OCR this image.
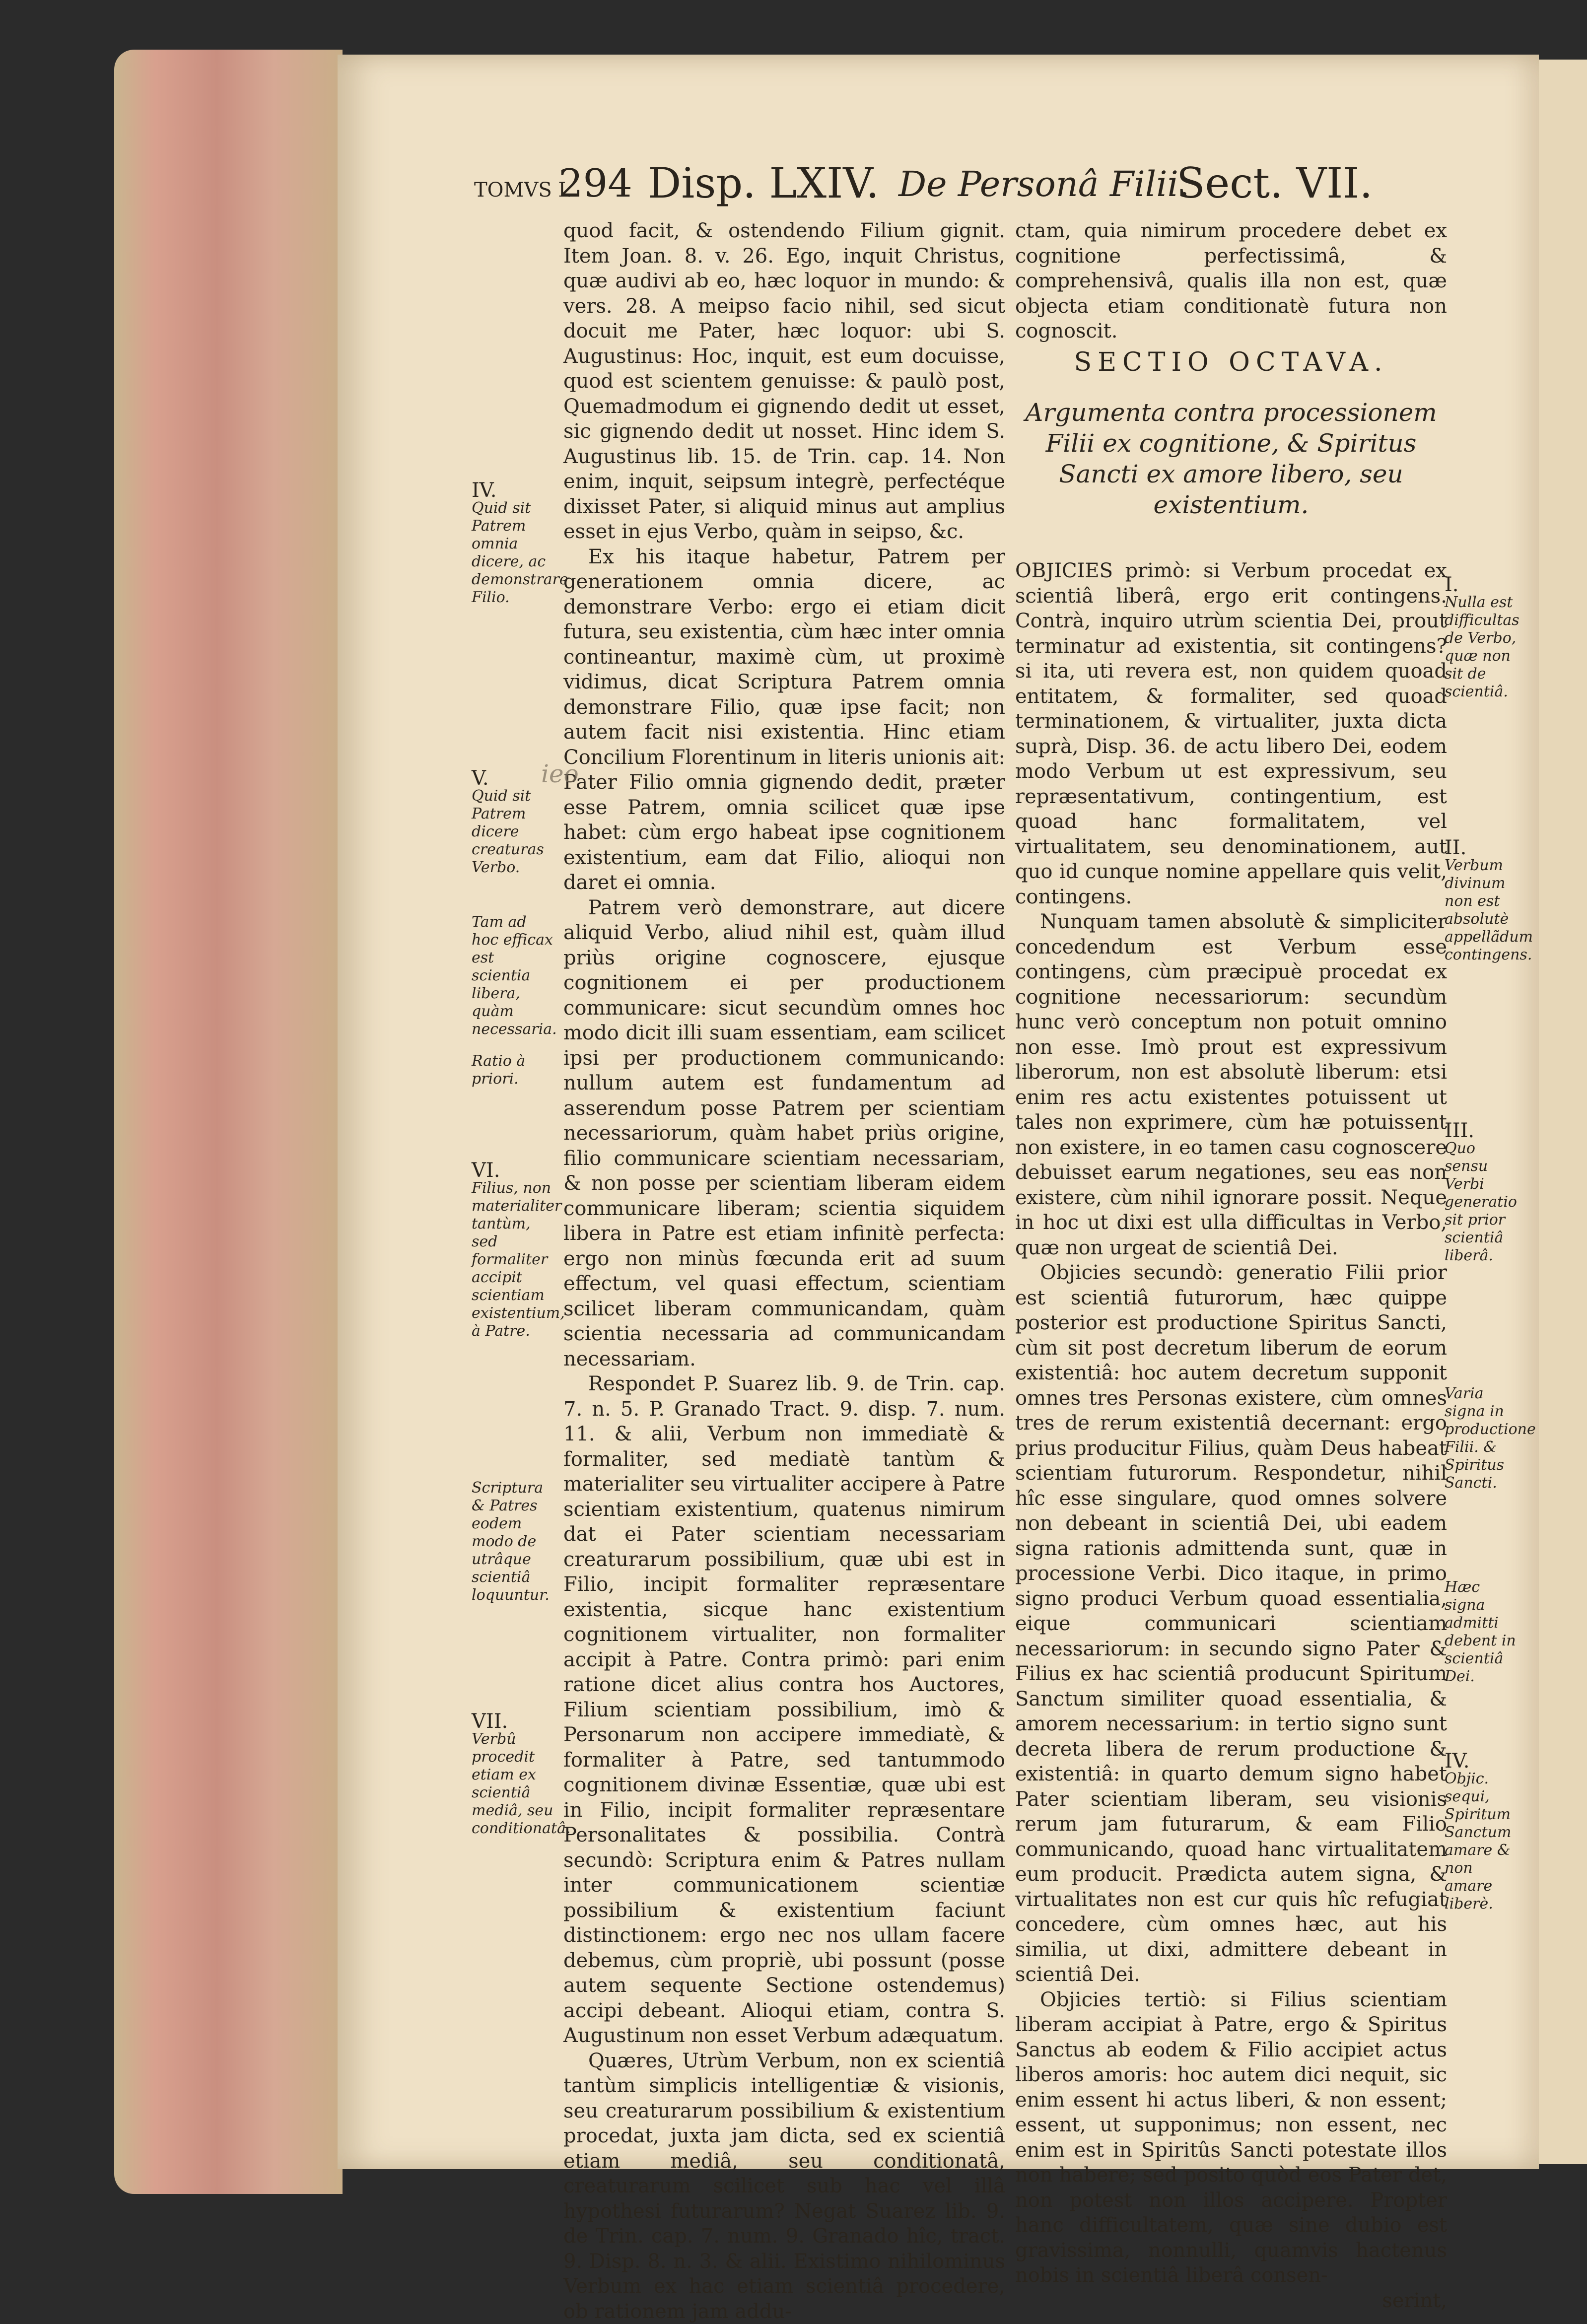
TOMVS I.
294 Disp. LXIV. De Personâ Filii.
Sect. VII.
IV.
Quid sit Patrem omnia dicere, ac demonstrare Filio.
V.
Quid sit Patrem dicere creaturas Verbo.
Tam ad hoc efficax est scientia libera, quàm necessaria.
Ratio à priori.
VI.
Filius, non materialiter tantùm, sed formaliter accipit scientiam existentium, à Patre.
Scriptura & Patres eodem modo de utrâque scientiâ loquuntur.
VII.
Verbû procedit etiam ex scientiâ mediâ, seu conditionatâ.

quod facit, & ostendendo Filium gignit. Item Joan. 8. v. 26. Ego, inquit Christus, quæ audivi ab eo, hæc loquor in mundo: & vers. 28. A meipso facio nihil, sed sicut docuit me Pater, hæc loquor: ubi S. Augustinus: Hoc, inquit, est eum docuisse, quod est scientem genuisse: & paulò post, Quemadmodum ei gignendo dedit ut esset, sic gignendo dedit ut nosset. Hinc idem S. Augustinus lib. 15. de Trin. cap. 14. Non enim, inquit, seipsum integrè, perfectéque dixisset Pater, si aliquid minus aut amplius esset in ejus Verbo, quàm in seipso, &c.

Ex his itaque habetur, Patrem per generationem omnia dicere, ac demonstrare Verbo: ergo ei etiam dicit futura, seu existentia, cùm hæc inter omnia contineantur, maximè cùm, ut proximè vidimus, dicat Scriptura Patrem omnia demonstrare Filio, quæ ipse facit; non autem facit nisi existentia. Hinc etiam Concilium Florentinum in literis unionis ait: Pater Filio omnia gignendo dedit, præter esse Patrem, omnia scilicet quæ ipse habet: cùm ergo habeat ipse cognitionem existentium, eam dat Filio, alioqui non daret ei omnia.

Patrem verò demonstrare, aut dicere aliquid Verbo, aliud nihil est, quàm illud priùs origine cognoscere, ejusque cognitionem ei per productionem communicare: sicut secundùm omnes hoc modo dicit illi suam essentiam, eam scilicet ipsi per productionem communicando: nullum autem est fundamentum ad asserendum posse Patrem per scientiam necessariorum, quàm habet priùs origine, filio communicare scientiam necessariam, & non posse per scientiam liberam eidem communicare liberam; scientia siquidem libera in Patre est etiam infinitè perfecta: ergo non minùs fœcunda erit ad suum effectum, vel quasi effectum, scientiam scilicet liberam communicandam, quàm scientia necessaria ad communicandam necessariam.

Respondet P. Suarez lib. 9. de Trin. cap. 7. n. 5. P. Granado Tract. 9. disp. 7. num. 11. & alii, Verbum non immediatè & formaliter, sed mediatè tantùm & materialiter seu virtualiter accipere à Patre scientiam existentium, quatenus nimirum dat ei Pater scientiam necessariam creaturarum possibilium, quæ ubi est in Filio, incipit formaliter repræsentare existentia, sicque hanc existentium cognitionem virtualiter, non formaliter accipit à Patre. Contra primò: pari enim ratione dicet alius contra hos Auctores, Filium scientiam possibilium, imò & Personarum non accipere immediatè, & formaliter à Patre, sed tantummodo cognitionem divinæ Essentiæ, quæ ubi est in Filio, incipit formaliter repræsentare Personalitates & possibilia. Contrà secundò: Scriptura enim & Patres nullam inter communicationem scientiæ possibilium & existentium faciunt distinctionem: ergo nec nos ullam facere debemus, cùm propriè, ubi possunt (posse autem sequente Sectione ostendemus) accipi debeant. Alioqui etiam, contra S. Augustinum non esset Verbum adæquatum.

Quæres, Utrùm Verbum, non ex scientiâ tantùm simplicis intelligentiæ & visionis, seu creaturarum possibilium & existentium procedat, juxta jam dicta, sed ex scientiâ etiam mediâ, seu conditionatâ, creaturarum scilicet sub hac vel illâ hypothesi futurarum? Negat Suarez lib. 9. de Trin. cap. 7. num. 9. Granado hîc, tract. 9. Disp. 8. n. 3. & alii. Existimo nihilominus Verbum ex hac etiam scientiâ procedere, ob rationem jam addu-

ctam, quia nimirum procedere debet ex cognitione perfectissimâ, & comprehensivâ, qualis illa non est, quæ objecta etiam conditionatè futura non cognoscit.

SECTIO OCTAVA.
Argumenta contra processionem Filii ex cognitione, & Spiritus Sancti ex amore libero, seu existentium.

OBJICIES primò: si Verbum procedat ex scientiâ liberâ, ergo erit contingens. Contrà, inquiro utrùm scientia Dei, prout terminatur ad existentia, sit contingens? si ita, uti revera est, non quidem quoad entitatem, & formaliter, sed quoad terminationem, & virtualiter, juxta dicta suprà, Disp. 36. de actu libero Dei, eodem modo Verbum ut est expressivum, seu repræsentativum, contingentium, est quoad hanc formalitatem, vel virtualitatem, seu denominationem, aut quo id cunque nomine appellare quis velit, contingens.

Nunquam tamen absolutè & simpliciter concedendum est Verbum esse contingens, cùm præcipuè procedat ex cognitione necessariorum: secundùm hunc verò conceptum non potuit omnino non esse. Imò prout est expressivum liberorum, non est absolutè liberum: etsi enim res actu existentes potuissent ut tales non exprimere, cùm hæ potuissent non existere, in eo tamen casu cognoscere debuisset earum negationes, seu eas non existere, cùm nihil ignorare possit. Neque in hoc ut dixi est ulla difficultas in Verbo, quæ non urgeat de scientiâ Dei.

Objicies secundò: generatio Filii prior est scientiâ futurorum, hæc quippe posterior est productione Spiritus Sancti, cùm sit post decretum liberum de eorum existentiâ: hoc autem decretum supponit omnes tres Personas existere, cùm omnes tres de rerum existentiâ decernant: ergo prius producitur Filius, quàm Deus habeat scientiam futurorum. Respondetur, nihil hîc esse singulare, quod omnes solvere non debeant in scientiâ Dei, ubi eadem signa rationis admittenda sunt, quæ in processione Verbi. Dico itaque, in primo signo produci Verbum quoad essentialia, eique communicari scientiam necessariorum: in secundo signo Pater & Filius ex hac scientiâ producunt Spiritum Sanctum similiter quoad essentialia, & amorem necessarium: in tertio signo sunt decreta libera de rerum productione & existentiâ: in quarto demum signo habet Pater scientiam liberam, seu visionis rerum jam futurarum, & eam Filio communicando, quoad hanc virtualitatem eum producit. Prædicta autem signa, & virtualitates non est cur quis hîc refugiat concedere, cùm omnes hæc, aut his similia, ut dixi, admittere debeant in scientiâ Dei.

Objicies tertiò: si Filius scientiam liberam accipiat à Patre, ergo & Spiritus Sanctus ab eodem & Filio accipiet actus liberos amoris: hoc autem dici nequit, sic enim essent hi actus liberi, & non essent; essent, ut supponimus; non essent, nec enim est in Spiritûs Sancti potestate illos non habere; sed posito quòd eos Pater det, non potest non illos accipere. Propter hanc difficultatem, quæ sine dubio est gravissima, nonnulli, quamvis hactenus nobis in scientiâ liberâ consen-

serint,

I.
Nulla est difficultas de Verbo, quæ non sit de scientiâ.
II.
Verbum divinum non est absolutè appellãdum contingens.
III.
Quo sensu Verbi generatio sit prior scientiâ liberâ.
Varia signa in productione Filii. & Spiritus Sancti.
Hæc signa admitti debent in scientiâ Dei.
IV.
Objic. sequi, Spiritum Sanctum amare & non amare liberè.
ieo
